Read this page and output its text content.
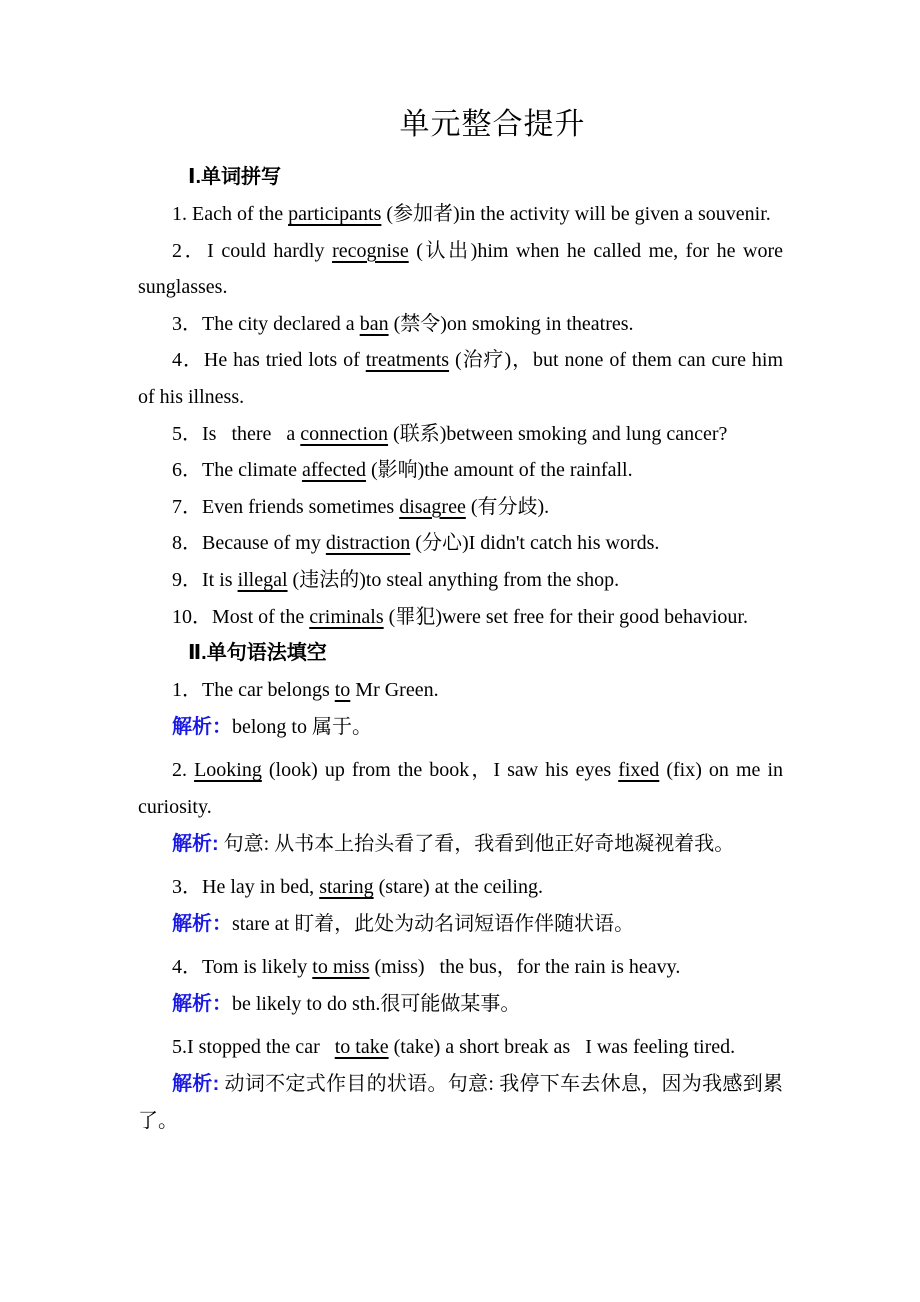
单元整合提升
Ⅰ.单词拼写

1. Each of the participants (参加者)in the activity will be given a souvenir.

2．I could hardly recognise (认出)him when he called me, for he wore sunglasses.

3．The city declared a ban (禁令)on smoking in theatres.

4．He has tried lots of treatments (治疗)，but none of them can cure him of his illness.

5．Is   there   a connection (联系)between smoking and lung cancer?

6．The climate affected (影响)the amount of the rainfall.

7．Even friends sometimes disagree (有分歧).

8．Because of my distraction (分心)I didn't catch his words.

9．It is illegal (违法的)to steal anything from the shop.

10．Most of the criminals (罪犯)were set free for their good behaviour.

Ⅱ.单句语法填空

1．The car belongs to Mr Green.

解析：belong to 属于。

2. Looking (look) up from the book，I saw his eyes fixed (fix) on me in curiosity.

解析: 句意: 从书本上抬头看了看，我看到他正好奇地凝视着我。

3．He lay in bed, staring (stare) at the ceiling.

解析：stare at 盯着，此处为动名词短语作伴随状语。

4．Tom is likely to miss (miss)   the bus，for the rain is heavy.

解析：be likely to do sth.很可能做某事。

5.I stopped the car   to take (take) a short break as   I was feeling tired.

解析: 动词不定式作目的状语。句意: 我停下车去休息，因为我感到累了。
